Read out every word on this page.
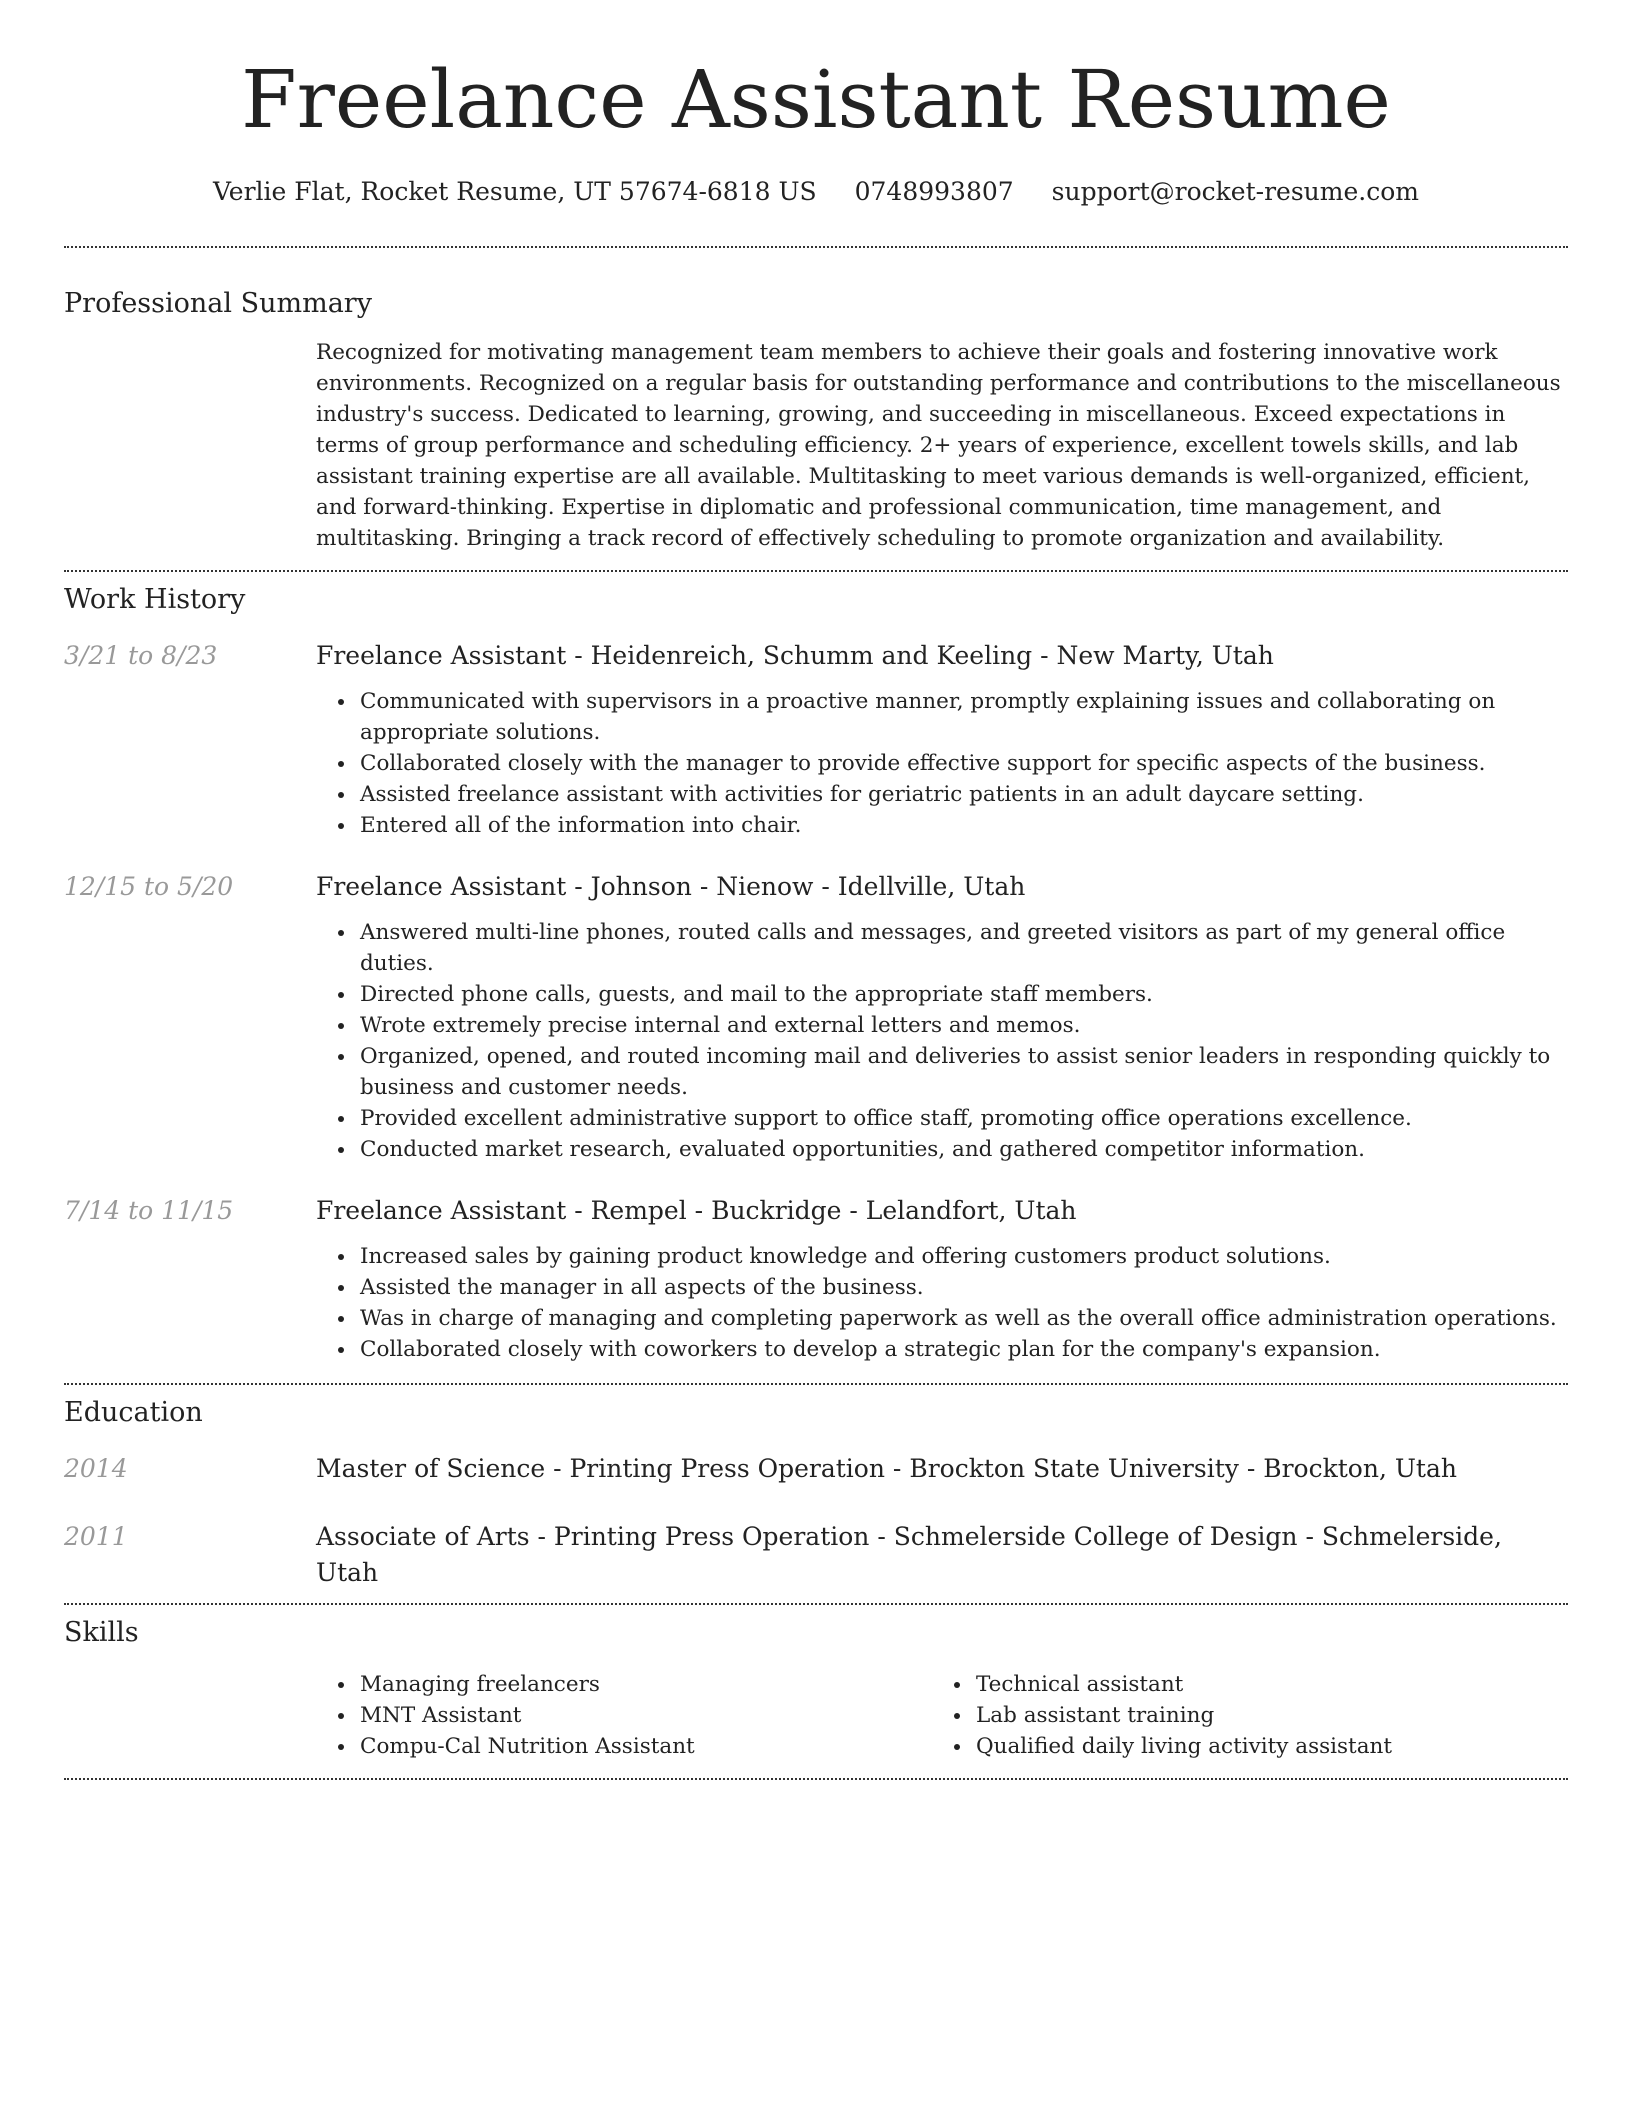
Freelance Assistant Resume
Verlie Flat, Rocket Resume, UT 57674-6818 US 0748993807 support@rocket-resume.com
Professional Summary
Recognized for motivating management team members to achieve their goals and fostering innovative work environments. Recognized on a regular basis for outstanding performance and contributions to the miscellaneous industry's success. Dedicated to learning, growing, and succeeding in miscellaneous. Exceed expectations in terms of group performance and scheduling efficiency. 2+ years of experience, excellent towels skills, and lab assistant training expertise are all available. Multitasking to meet various demands is well-organized, efficient, and forward-thinking. Expertise in diplomatic and professional communication, time management, and multitasking. Bringing a track record of effectively scheduling to promote organization and availability.
Work History
3/21 to 8/23	Freelance Assistant - Heidenreich, Schumm and Keeling - New Marty, Utah
Communicated with supervisors in a proactive manner, promptly explaining issues and collaborating on appropriate solutions.
Collaborated closely with the manager to provide effective support for specific aspects of the business.
Assisted freelance assistant with activities for geriatric patients in an adult daycare setting.
Entered all of the information into chair.
12/15 to 5/20	Freelance Assistant - Johnson - Nienow - Idellville, Utah
Answered multi-line phones, routed calls and messages, and greeted visitors as part of my general office duties.
Directed phone calls, guests, and mail to the appropriate staff members.
Wrote extremely precise internal and external letters and memos.
Organized, opened, and routed incoming mail and deliveries to assist senior leaders in responding quickly to business and customer needs.
Provided excellent administrative support to office staff, promoting office operations excellence.
Conducted market research, evaluated opportunities, and gathered competitor information.
7/14 to 11/15	Freelance Assistant - Rempel - Buckridge - Lelandfort, Utah
Increased sales by gaining product knowledge and offering customers product solutions.
Assisted the manager in all aspects of the business.
Was in charge of managing and completing paperwork as well as the overall office administration operations.
Collaborated closely with coworkers to develop a strategic plan for the company's expansion.
Education
2014	Master of Science - Printing Press Operation - Brockton State University - Brockton, Utah
2011	Associate of Arts - Printing Press Operation - Schmelerside College of Design - Schmelerside, Utah
Skills
Managing freelancers
MNT Assistant
Compu-Cal Nutrition Assistant
Technical assistant
Lab assistant training
Qualified daily living activity assistant
